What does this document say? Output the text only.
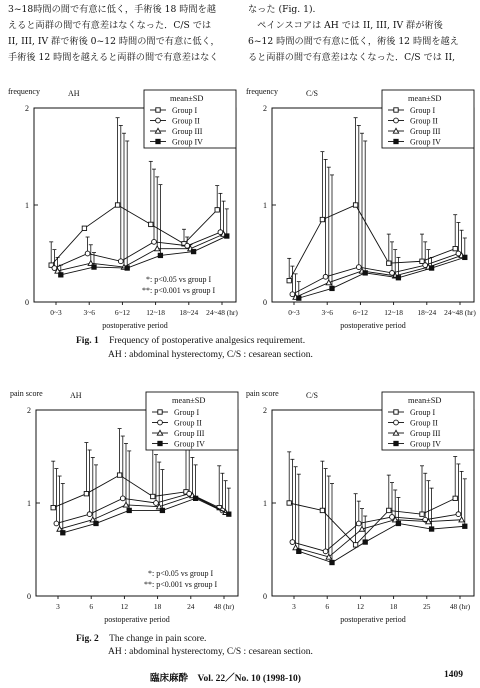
3~18時間の間で有意に低く，手術後 18 時間を越
えると両群の間で有意差はなくなった．C/S では
II, III, IV 群で術後 0~12 時間の間で有意に低く，
手術後 12 時間を越えると両群の間で有意差はなく
なった (Fig. 1).
　ペインスコアは AH では II, III, IV 群が術後
6~12 時間の間で有意に低く，術後 12 時間を越え
ると両群の間で有意差はなくなった．C/S では II,
0
1
2
0~3	3~6	6~12 12~18 18~24 24~48 (hr)
frequency
postoperative period
AH
mean±SD
Group I
Group II
Group III
Group IV
*: p<0.05 vs group I
**: p<0.001 vs group I
0
1
2
0~3	3~6	6~12 12~18 18~24 24~48 (hr)
frequency
postoperative period
C/S
mean±SD
Group I
Group II
Group III
Group IV
0
1
2
3	6	12	18	24	48 (hr)
pain score
postoperative period
AH
mean±SD
Group I
Group II
Group III
Group IV
*: p<0.05 vs group I
**: p<0.001 vs group I
0
1
2
3	6	12	18	25	48 (hr)
pain score
postoperative period
C/S
mean±SD
Group I
Group II
Group III
Group IV
Fig. 1 Frequency of postoperative analgesics requirement.
AH : abdominal hysterectomy, C/S : cesarean section.
Fig. 2 The change in pain score.
AH : abdominal hysterectomy, C/S : cesarean section.
臨床麻酔　Vol. 22／No. 10 (1998-10)	1409
